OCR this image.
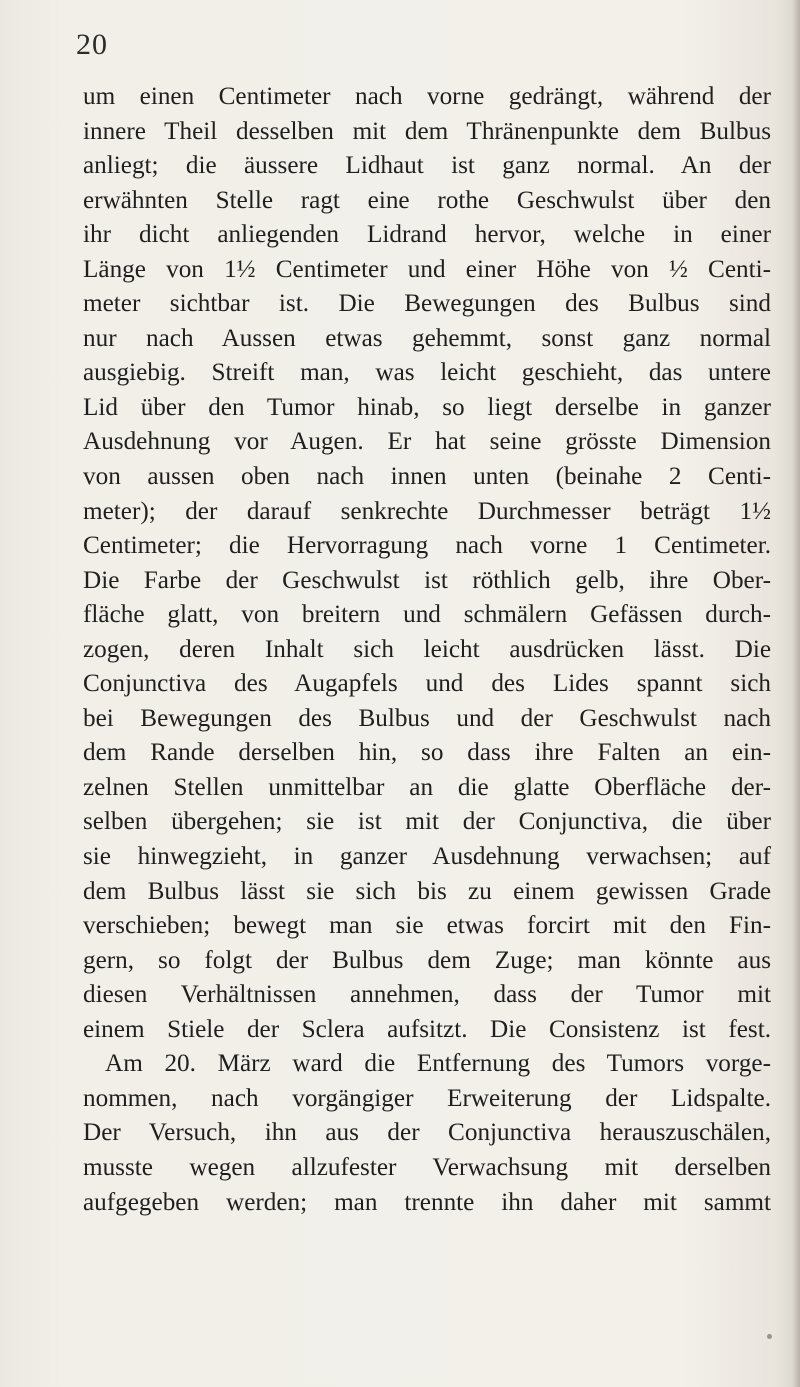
20
um einen Centimeter nach vorne gedrängt, während der
innere Theil desselben mit dem Thränenpunkte dem Bulbus
anliegt; die äussere Lidhaut ist ganz normal. An der
erwähnten Stelle ragt eine rothe Geschwulst über den
ihr dicht anliegenden Lidrand hervor, welche in einer
Länge von 1½ Centimeter und einer Höhe von ½ Centi-
meter sichtbar ist. Die Bewegungen des Bulbus sind
nur nach Aussen etwas gehemmt, sonst ganz normal
ausgiebig. Streift man, was leicht geschieht, das untere
Lid über den Tumor hinab, so liegt derselbe in ganzer
Ausdehnung vor Augen. Er hat seine grösste Dimension
von aussen oben nach innen unten (beinahe 2 Centi-
meter); der darauf senkrechte Durchmesser beträgt 1½
Centimeter; die Hervorragung nach vorne 1 Centimeter.
Die Farbe der Geschwulst ist röthlich gelb, ihre Ober-
fläche glatt, von breitern und schmälern Gefässen durch-
zogen, deren Inhalt sich leicht ausdrücken lässt. Die
Conjunctiva des Augapfels und des Lides spannt sich
bei Bewegungen des Bulbus und der Geschwulst nach
dem Rande derselben hin, so dass ihre Falten an ein-
zelnen Stellen unmittelbar an die glatte Oberfläche der-
selben übergehen; sie ist mit der Conjunctiva, die über
sie hinwegzieht, in ganzer Ausdehnung verwachsen; auf
dem Bulbus lässt sie sich bis zu einem gewissen Grade
verschieben; bewegt man sie etwas forcirt mit den Fin-
gern, so folgt der Bulbus dem Zuge; man könnte aus
diesen Verhältnissen annehmen, dass der Tumor mit
einem Stiele der Sclera aufsitzt. Die Consistenz ist fest.
Am 20. März ward die Entfernung des Tumors vorge-
nommen, nach vorgängiger Erweiterung der Lidspalte.
Der Versuch, ihn aus der Conjunctiva herauszuschälen,
musste wegen allzufester Verwachsung mit derselben
aufgegeben werden; man trennte ihn daher mit sammt
